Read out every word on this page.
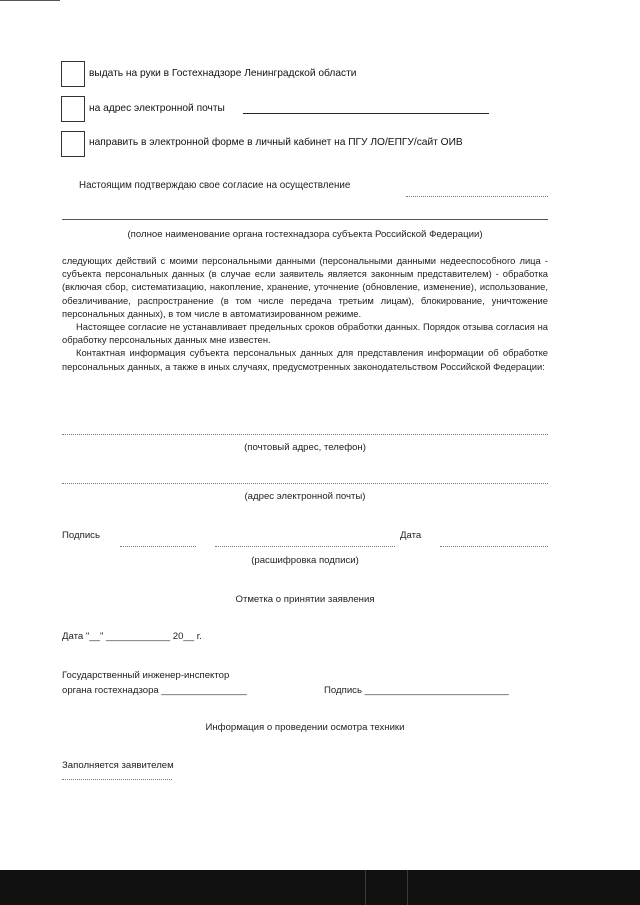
выдать на руки в Гостехнадзоре Ленинградской области
на адрес электронной почты
направить в электронной форме в личный кабинет на ПГУ ЛО/ЕПГУ/сайт ОИВ
Настоящим подтверждаю свое согласие на осуществление
(полное наименование органа гостехнадзора субъекта Российской Федерации)

следующих действий с моими персональными данными (персональными данными недееспособного лица - субъекта персональных данных (в случае если заявитель является законным представителем) - обработка (включая сбор, систематизацию, накопление, хранение, уточнение (обновление, изменение), использование, обезличивание, распространение (в том числе передача третьим лицам), блокирование, уничтожение персональных данных), в том числе в автоматизированном режиме.

Настоящее согласие не устанавливает предельных сроков обработки данных. Порядок отзыва согласия на обработку персональных данных мне известен.

Контактная информация субъекта персональных данных для представления информации об обработке персональных данных, а также в иных случаях, предусмотренных законодательством Российской Федерации:

(почтовый адрес, телефон)
(адрес электронной почты)
Подпись	Дата
(расшифровка подписи)
Отметка о принятии заявления
Дата "__" ____________ 20__ г.
Государственный инженер-инспектор
органа гостехнадзора ________________	Подпись ___________________________
Информация о проведении осмотра техники
Заполняется заявителем
